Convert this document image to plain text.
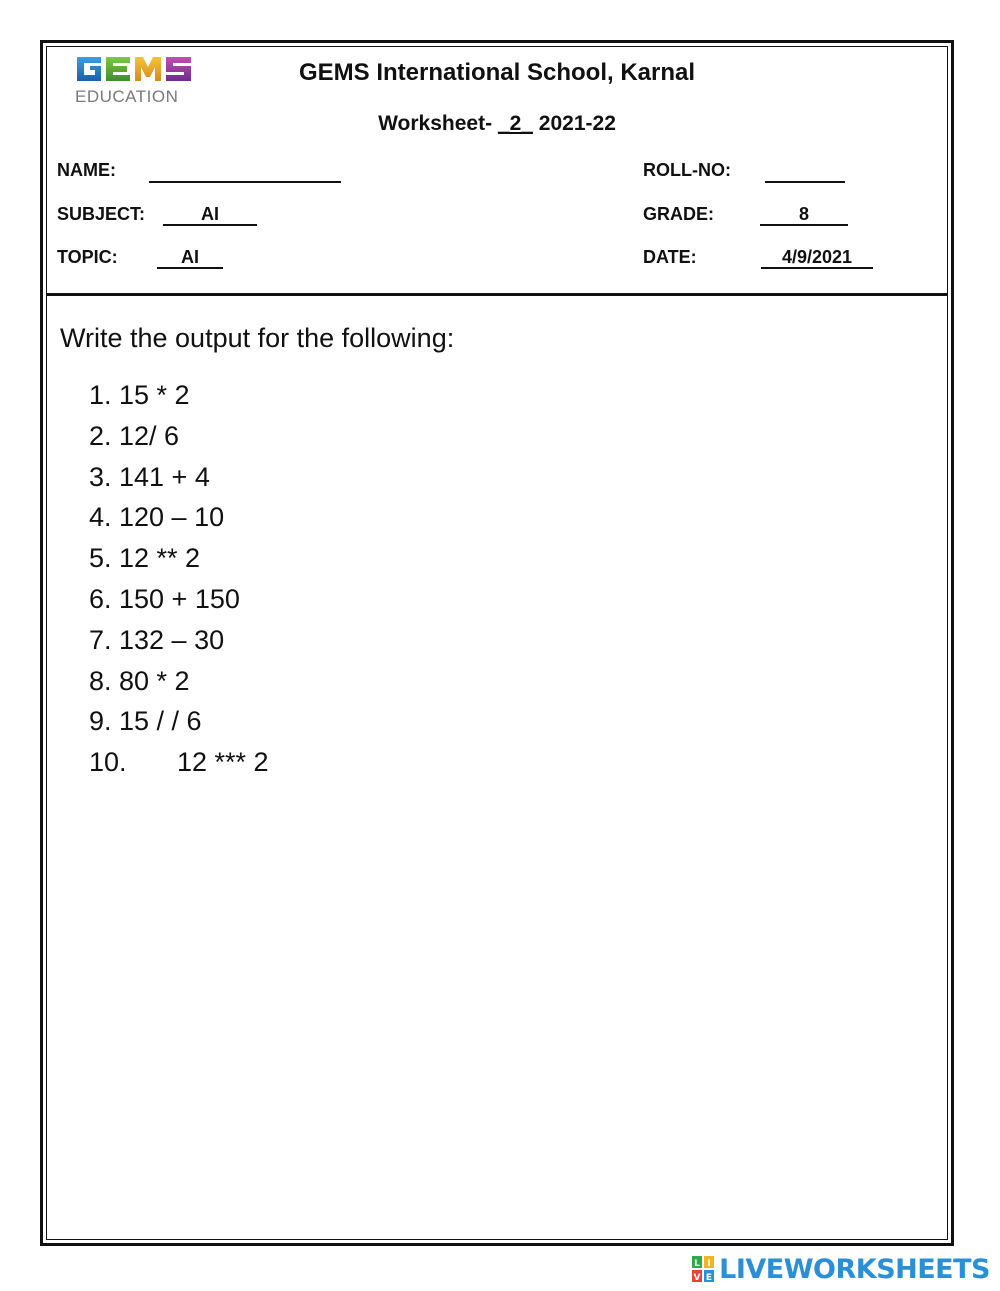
EDUCATION
GEMS International School, Karnal
Worksheet- _2_ 2021-22
NAME:
SUBJECT:	AI
TOPIC:	AI
ROLL-NO:
GRADE:	8
DATE:	4/9/2021
Write the output for the following:
1. 15 * 2
2. 12/ 6
3. 141 + 4
4. 120 – 10
5. 12 ** 2
6. 150 + 150
7. 132 – 30
8. 80 * 2
9. 15 / / 6
10. 12 *** 2
L I
V E LIVEWORKSHEETS
